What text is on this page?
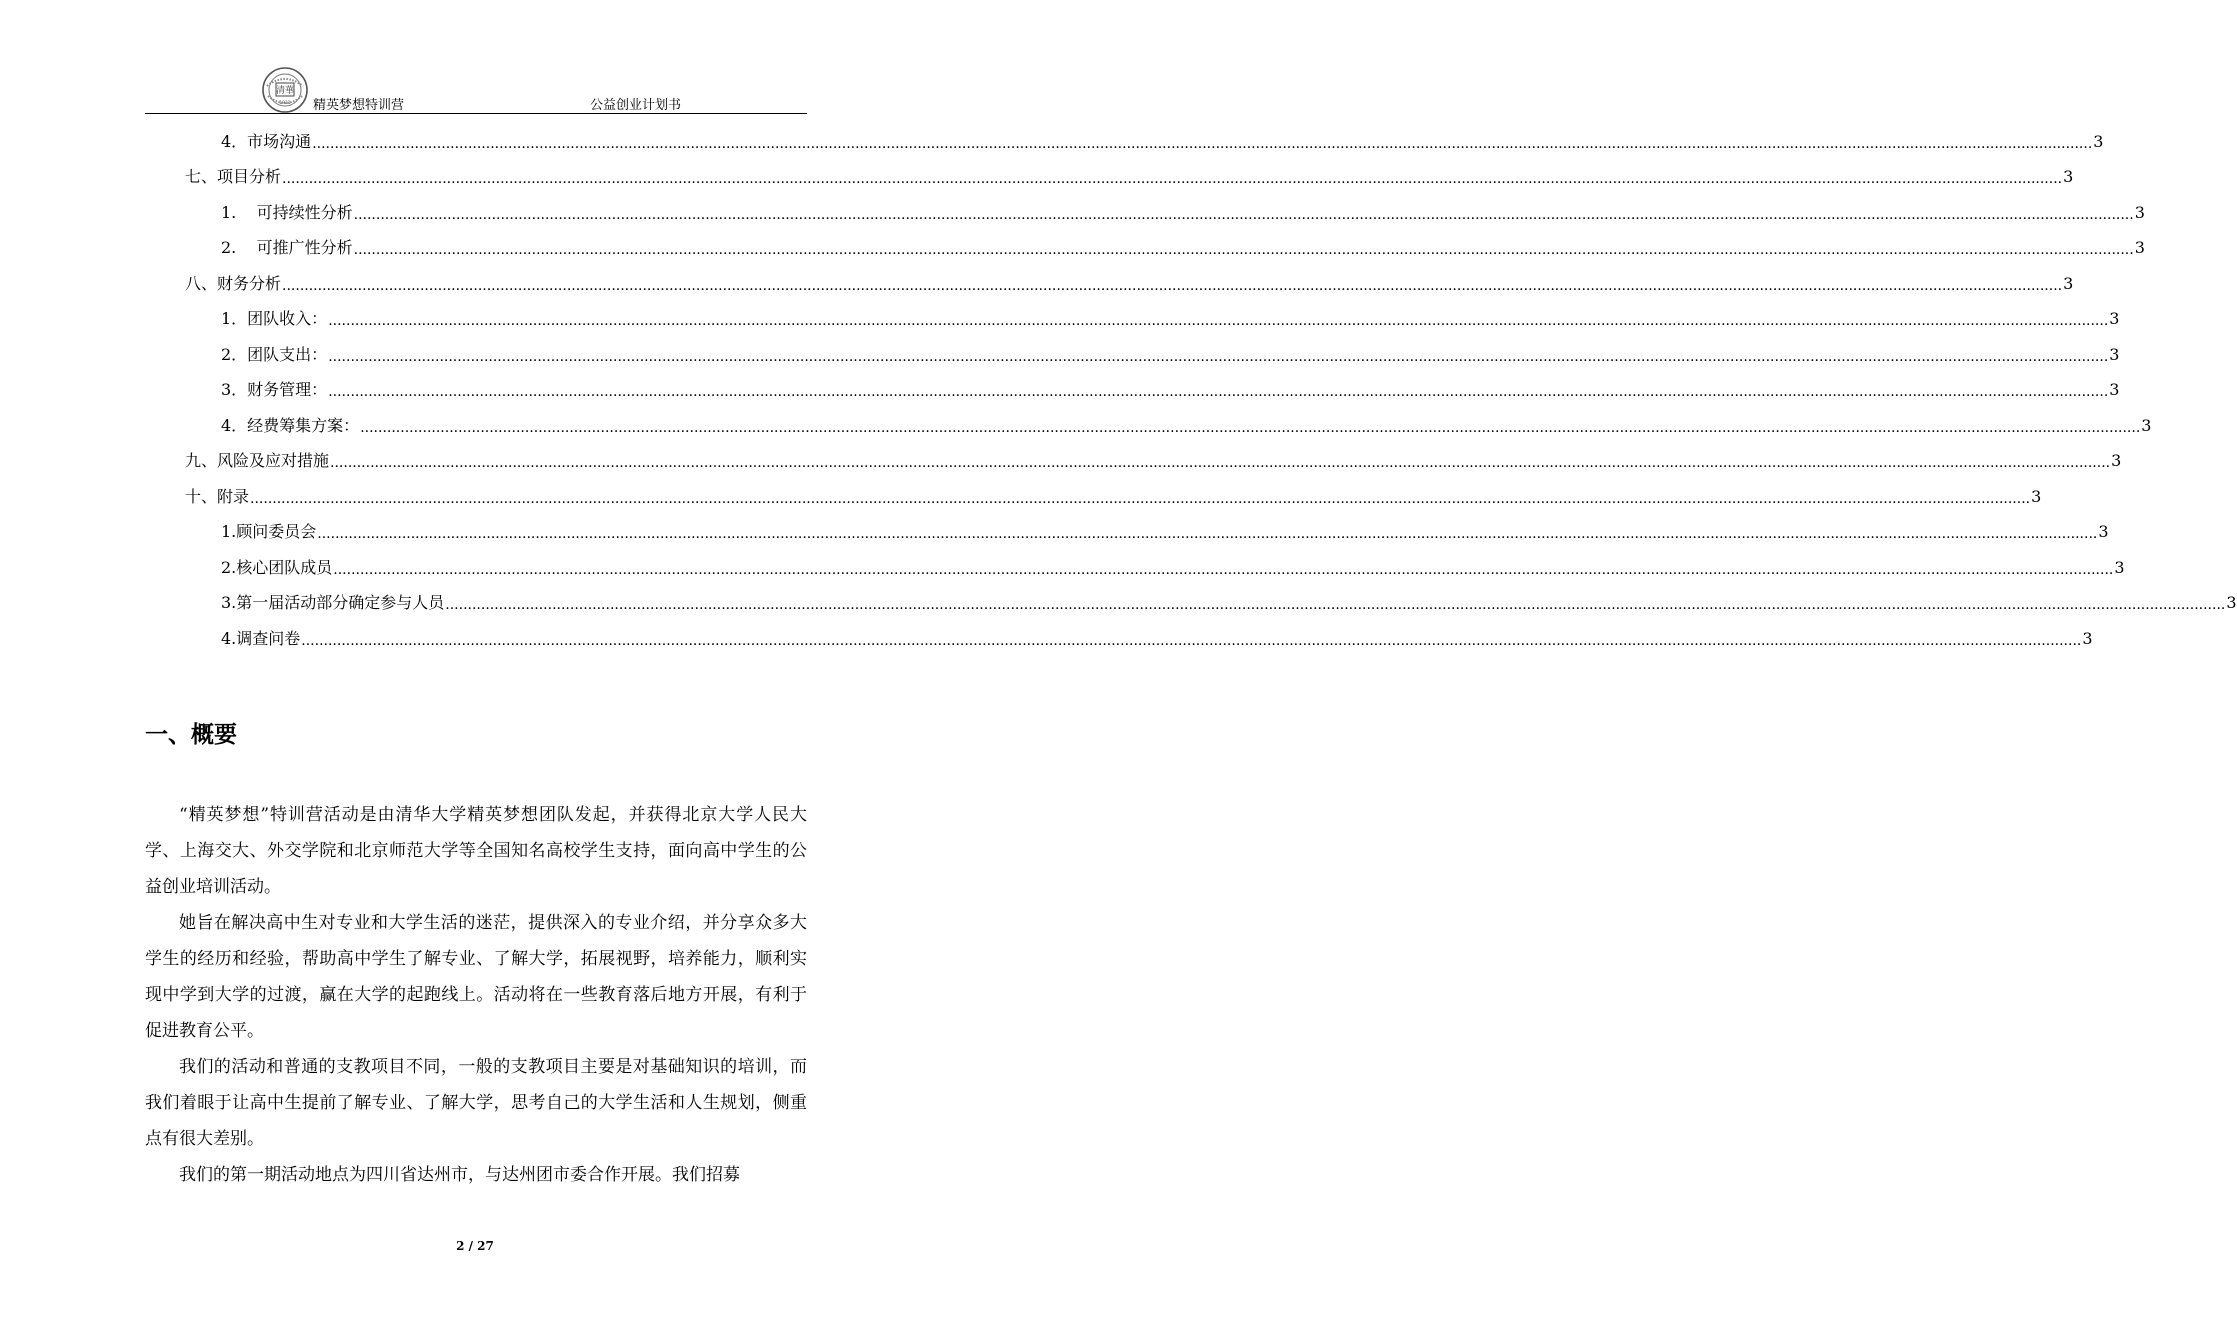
清華
1911 精英梦想特训营	公益创业计划书
4．市场沟通 ................................................................................................................................................................................................................................................................................................................................................................................................................ 3
七、项目分析 ................................................................................................................................................................................................................................................................................................................................................................................................................ 3
1.    可持续性分析 ................................................................................................................................................................................................................................................................................................................................................................................................................ 3
2.    可推广性分析 ................................................................................................................................................................................................................................................................................................................................................................................................................ 3
八、财务分析 ................................................................................................................................................................................................................................................................................................................................................................................................................ 3
1．团队收入： ................................................................................................................................................................................................................................................................................................................................................................................................................ 3
2．团队支出： ................................................................................................................................................................................................................................................................................................................................................................................................................ 3
3．财务管理： ................................................................................................................................................................................................................................................................................................................................................................................................................ 3
4．经费筹集方案： ................................................................................................................................................................................................................................................................................................................................................................................................................ 3
九、风险及应对措施 ................................................................................................................................................................................................................................................................................................................................................................................................................ 3
十、附录 ................................................................................................................................................................................................................................................................................................................................................................................................................ 3
1.顾问委员会 ................................................................................................................................................................................................................................................................................................................................................................................................................ 3
2.核心团队成员 ................................................................................................................................................................................................................................................................................................................................................................................................................ 3
3.第一届活动部分确定参与人员 ................................................................................................................................................................................................................................................................................................................................................................................................................ 3
4.调查问卷 ................................................................................................................................................................................................................................................................................................................................................................................................................ 3
一、概要

“精英梦想”特训营活动是由清华大学精英梦想团队发起，并获得北京大学人民大学、上海交大、外交学院和北京师范大学等全国知名高校学生支持，面向高中学生的公益创业培训活动。

她旨在解决高中生对专业和大学生活的迷茫，提供深入的专业介绍，并分享众多大学生的经历和经验，帮助高中学生了解专业、了解大学，拓展视野，培养能力，顺利实现中学到大学的过渡，赢在大学的起跑线上。活动将在一些教育落后地方开展，有利于促进教育公平。

我们的活动和普通的支教项目不同，一般的支教项目主要是对基础知识的培训，而我们着眼于让高中生提前了解专业、了解大学，思考自己的大学生活和人生规划，侧重点有很大差别。

我们的第一期活动地点为四川省达州市，与达州团市委合作开展。我们招募

2 / 27
